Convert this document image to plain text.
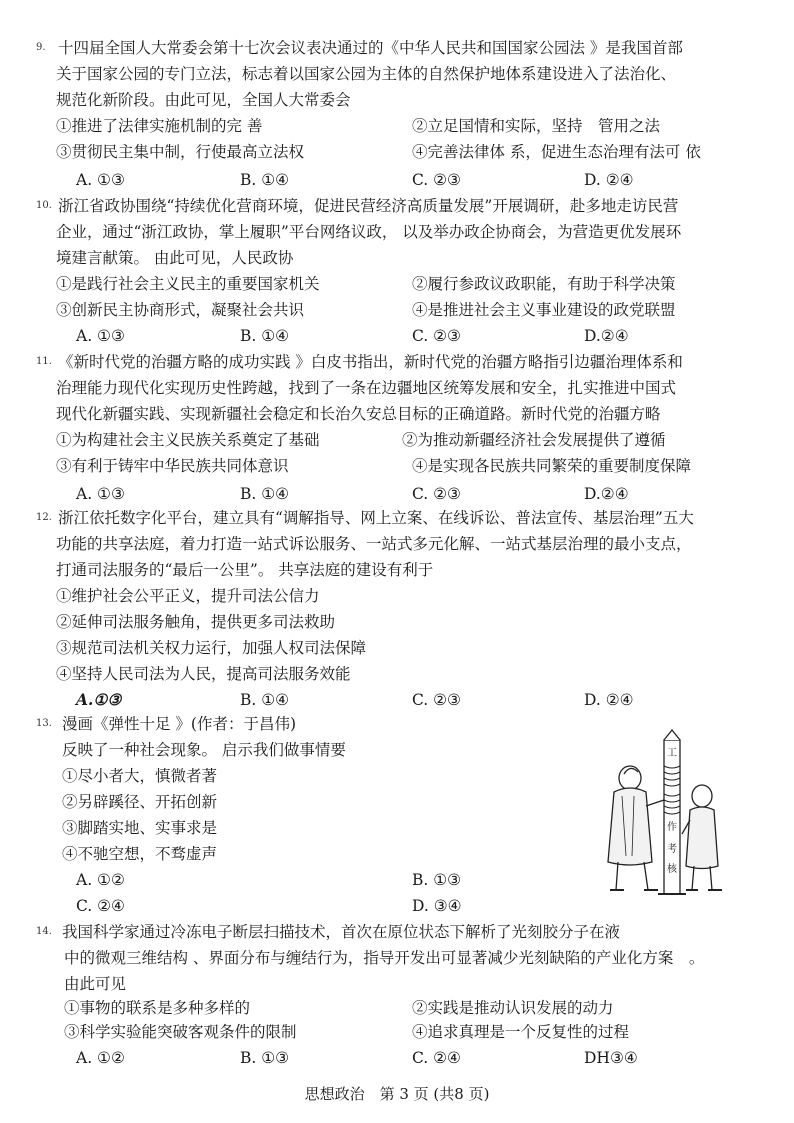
9. 十四届全国人大常委会第十七次会议表决通过的《中华人民共和国国家公园法 》是我国首部
关于国家公园的专门立法，标志着以国家公园为主体的自然保护地体系建设进入了法治化、
规范化新阶段。由此可见，全国人大常委会
①推进了法律实施机制的完 善	②立足国情和实际，坚持　管用之法
③贯彻民主集中制，行使最高立法权	④完善法律体 系，促进生态治理有法可 依
A. ①③	B. ①④	C. ②③	D. ②④
10. 浙江省政协围绕“持续优化营商环境，促进民营经济高质量发展”开展调研，赴多地走访民营
企业，通过“浙江政协，掌上履职”平台网络议政， 以及举办政企协商会，为营造更优发展环
境建言献策。 由此可见，人民政协
①是践行社会主义民主的重要国家机关	②履行参政议政职能，有助于科学决策
③创新民主协商形式，凝聚社会共识	④是推进社会主义事业建设的政党联盟
A. ①③	B. ①④	C. ②③	D.②④
11. 《新时代党的治疆方略的成功实践 》白皮书指出，新时代党的治疆方略指引边疆治理体系和
治理能力现代化实现历史性跨越，找到了一条在边疆地区统筹发展和安全，扎实推进中国式
现代化新疆实践、实现新疆社会稳定和长治久安总目标的正确道路。新时代党的治疆方略
①为构建社会主义民族关系奠定了基础	②为推动新疆经济社会发展提供了遵循
③有利于铸牢中华民族共同体意识	④是实现各民族共同繁荣的重要制度保障
A. ①③	B. ①④	C. ②③	D.②④
12. 浙江依托数字化平台，建立具有“调解指导、网上立案、在线诉讼、普法宣传、基层治理”五大
功能的共享法庭，着力打造一站式诉讼服务、一站式多元化解、一站式基层治理的最小支点，
打通司法服务的“最后一公里”。 共享法庭的建设有利于
①维护社会公平正义，提升司法公信力
②延伸司法服务触角，提供更多司法救助
③规范司法机关权力运行，加强人权司法保障
④坚持人民司法为人民，提高司法服务效能
A.①③	B. ①④	C. ②③	D. ②④
13. 漫画《弹性十足 》(作者：于昌伟)
反映了一种社会现象。 启示我们做事情要
①尽小者大，慎微者著
②另辟蹊径、开拓创新
③脚踏实地、实事求是
④不驰空想，不骛虚声
A. ①②	B. ①③
C. ②④	D. ③④
工
作
考
核
14. 我国科学家通过冷冻电子断层扫描技术，首次在原位状态下解析了光刻胶分子在液
中的微观三维结构 、界面分布与缠结行为，指导开发出可显著减少光刻缺陷的产业化方案　。
由此可见
①事物的联系是多种多样的	②实践是推动认识发展的动力
③科学实验能突破客观条件的限制	④追求真理是一个反复性的过程
A. ①②	B. ①③	C. ②④	DH③④
思想政治　第 3 页 (共8 页)
